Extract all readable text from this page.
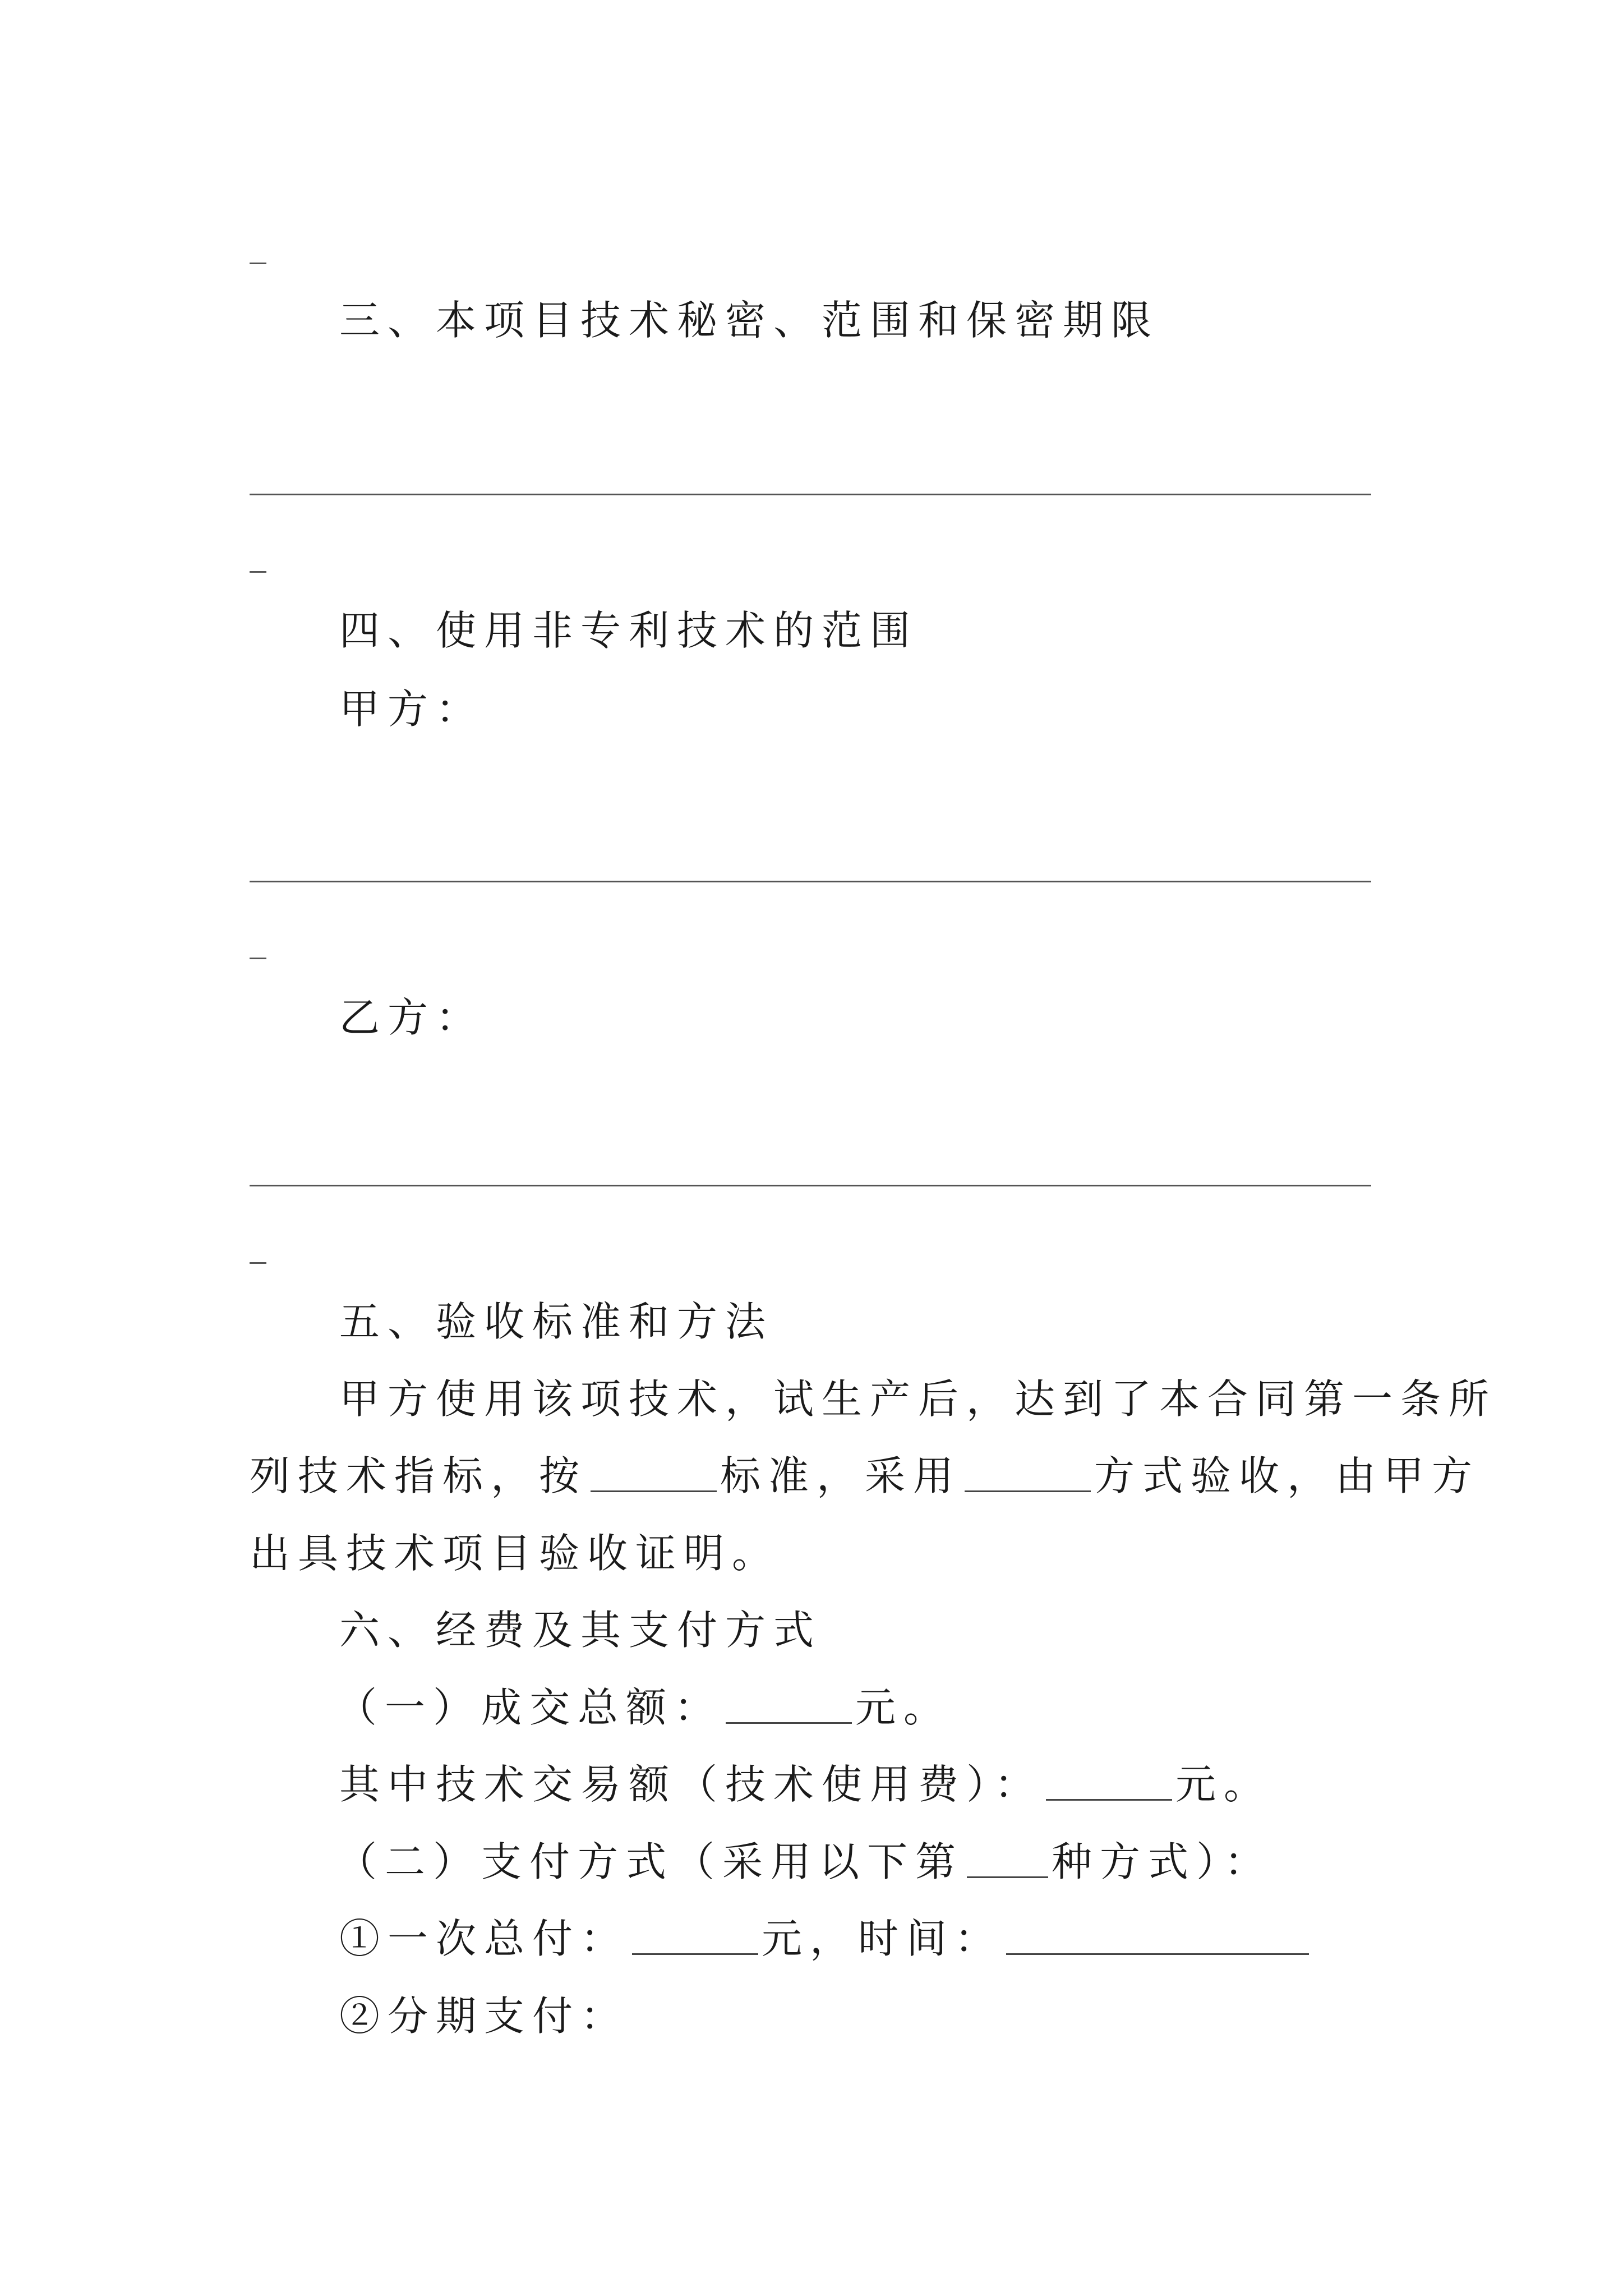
三、本项目技术秘密、范围和保密期限
四、使用非专利技术的范围
甲方：
乙方：
五、验收标准和方法
甲方使用该项技术，试生产后，达到了本合同第一条所
列技术指标，按	标准，采用	方式验收，由甲方
出具技术项目验收证明。
六、经费及其支付方式
（一）成交总额：	元。
其中技术交易额（技术使用费）：	元。
（二）支付方式（采用以下第 种方式）：
①一次总付：	元，时间：
②分期支付：
